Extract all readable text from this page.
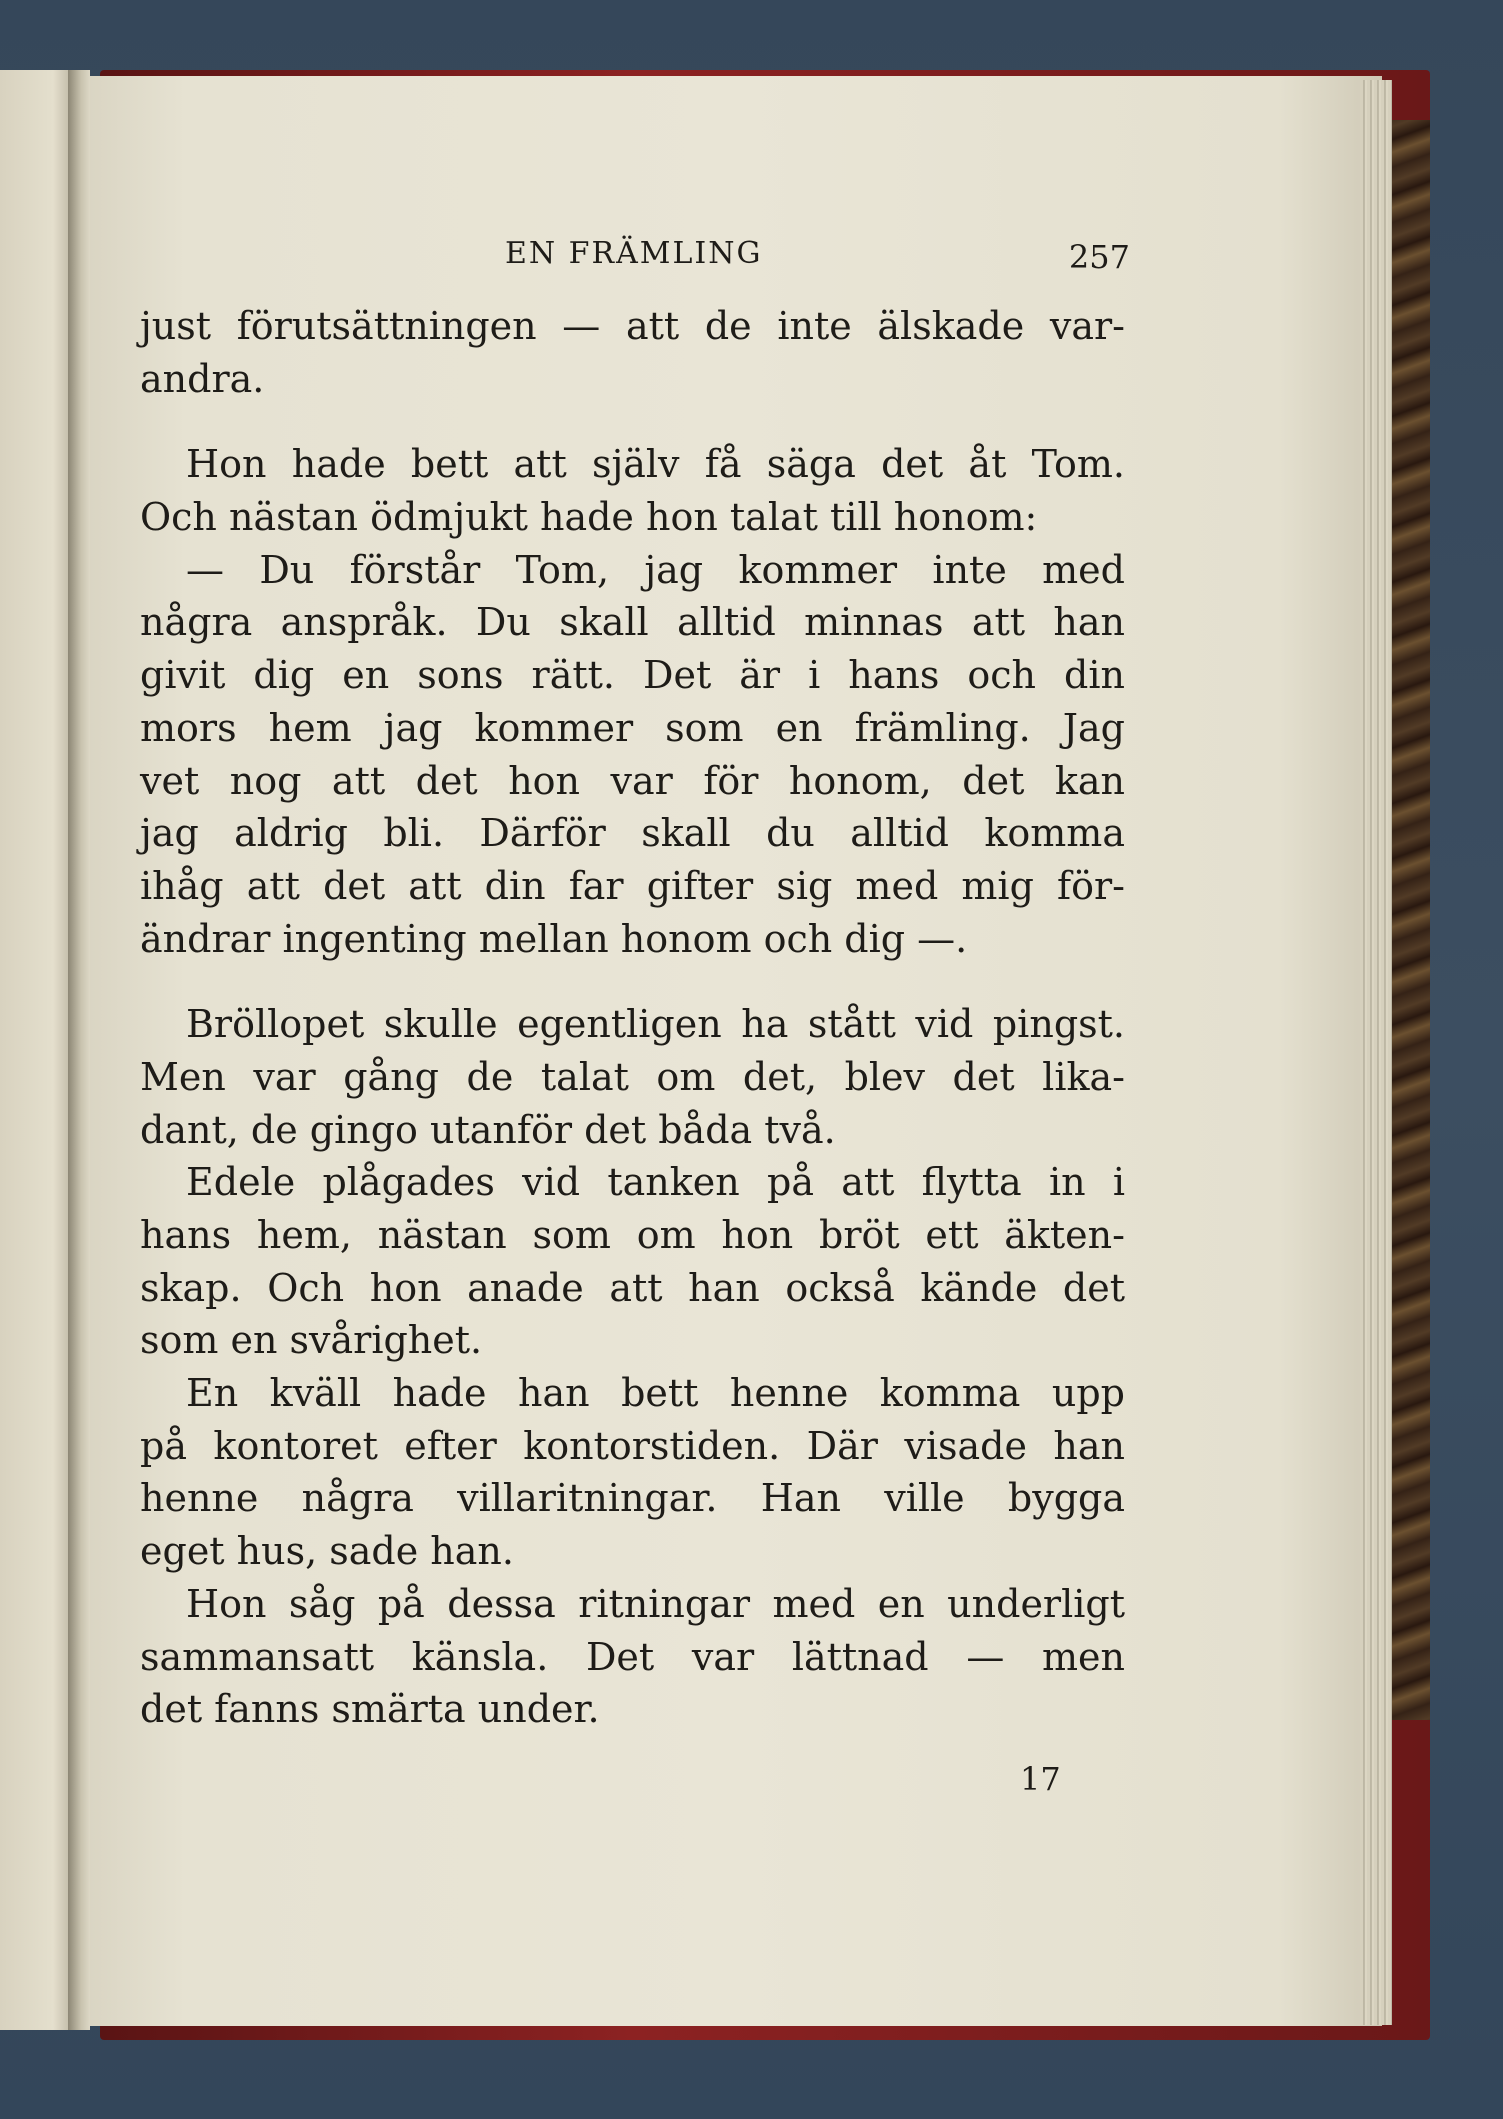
EN FRÄMLING	257
just förutsättningen — att de inte älskade var-
andra.
Hon hade bett att själv få säga det åt Tom.
Och nästan ödmjukt hade hon talat till honom:
— Du förstår Tom, jag kommer inte med
några anspråk. Du skall alltid minnas att han
givit dig en sons rätt. Det är i hans och din
mors hem jag kommer som en främling. Jag
vet nog att det hon var för honom, det kan
jag aldrig bli. Därför skall du alltid komma
ihåg att det att din far gifter sig med mig för-
ändrar ingenting mellan honom och dig —.
Bröllopet skulle egentligen ha stått vid pingst.
Men var gång de talat om det, blev det lika-
dant, de gingo utanför det båda två.
Edele plågades vid tanken på att flytta in i
hans hem, nästan som om hon bröt ett äkten-
skap. Och hon anade att han också kände det
som en svårighet.
En kväll hade han bett henne komma upp
på kontoret efter kontorstiden. Där visade han
henne några villaritningar. Han ville bygga
eget hus, sade han.
Hon såg på dessa ritningar med en underligt
sammansatt känsla. Det var lättnad — men
det fanns smärta under.
17
